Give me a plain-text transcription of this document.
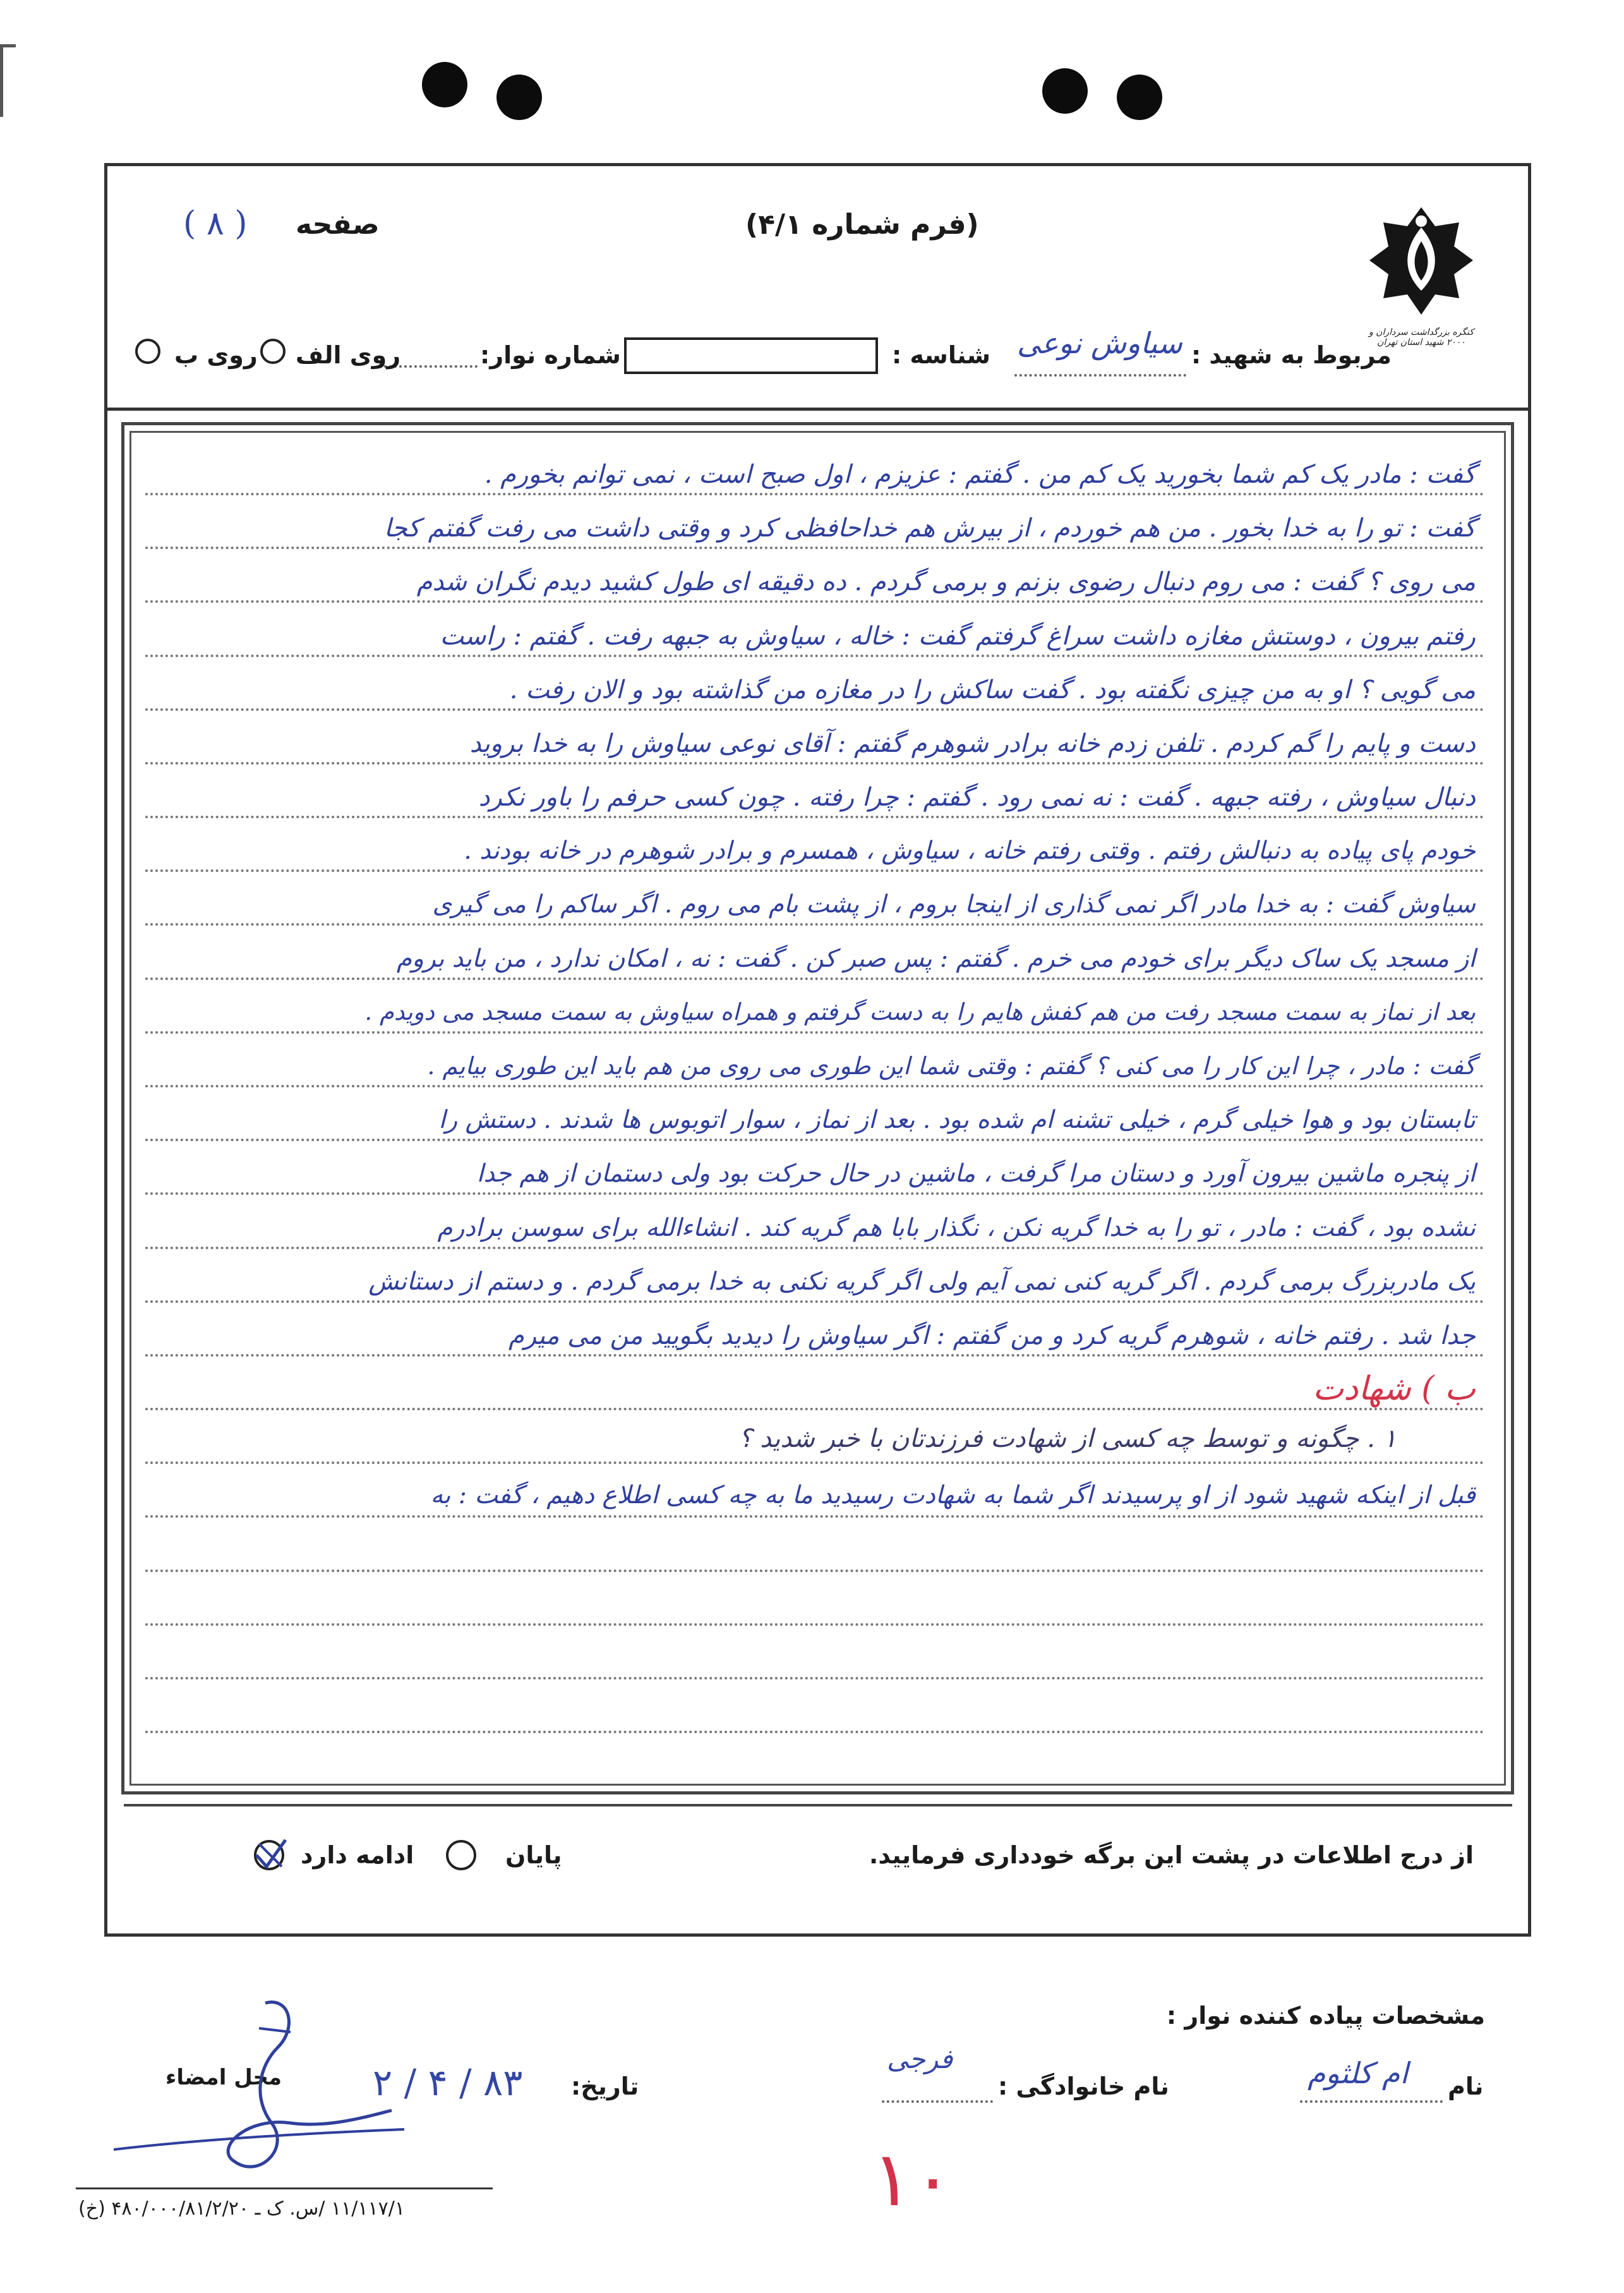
کنگره بزرگداشت سرداران و ۲۰۰۰ شهید استان تهران
(فرم شماره ۴/۱)
صفحه
( ۸ )
مربوط به شهید :
سیاوش نوعی
شناسه :
شماره نوار:
روی الف
روی ب
گفت : مادر یک کم شما بخورید یک کم من . گفتم : عزیزم ، اول صبح است ، نمی توانم بخورم .
گفت : تو را به خدا بخور . من هم خوردم ، از بیرش هم خداحافظی کرد و وقتی داشت می رفت گفتم کجا
می روی ؟ گفت : می روم دنبال رضوی بزنم و برمی گردم . ده دقیقه ای طول کشید دیدم نگران شدم
رفتم بیرون ، دوستش مغازه داشت سراغ گرفتم گفت : خاله ، سیاوش به جبهه رفت . گفتم : راست
می گویی ؟ او به من چیزی نگفته بود . گفت ساکش را در مغازه من گذاشته بود و الان رفت .
دست و پایم را گم کردم . تلفن زدم خانه برادر شوهرم گفتم : آقای نوعی سیاوش را به خدا بروید
دنبال سیاوش ، رفته جبهه . گفت : نه نمی رود . گفتم : چرا رفته . چون کسی حرفم را باور نکرد
خودم پای پیاده به دنبالش رفتم . وقتی رفتم خانه ، سیاوش ، همسرم و برادر شوهرم در خانه بودند .
سیاوش گفت : به خدا مادر اگر نمی گذاری از اینجا بروم ، از پشت بام می روم . اگر ساکم را می گیری
از مسجد یک ساک دیگر برای خودم می خرم . گفتم : پس صبر کن . گفت : نه ، امکان ندارد ، من باید بروم
بعد از نماز به سمت مسجد رفت من هم کفش هایم را به دست گرفتم و همراه سیاوش به سمت مسجد می دویدم .
گفت : مادر ، چرا این کار را می کنی ؟ گفتم : وقتی شما این طوری می روی من هم باید این طوری بیایم .
تابستان بود و هوا خیلی گرم ، خیلی تشنه ام شده بود . بعد از نماز ، سوار اتوبوس ها شدند . دستش را
از پنجره ماشین بیرون آورد و دستان مرا گرفت ، ماشین در حال حرکت بود ولی دستمان از هم جدا
نشده بود ، گفت : مادر ، تو را به خدا گریه نکن ، نگذار بابا هم گریه کند . انشاءالله برای سوسن برادرم
یک مادربزرگ برمی گردم . اگر گریه کنی نمی آیم ولی اگر گریه نکنی به خدا برمی گردم . و دستم از دستانش
جدا شد . رفتم خانه ، شوهرم گریه کرد و من گفتم : اگر سیاوش را دیدید بگویید من می میرم
ب ) شهادت
۱ . چگونه و توسط چه کسی از شهادت فرزندتان با خبر شدید ؟
قبل از اینکه شهید شود از او پرسیدند اگر شما به شهادت رسیدید ما به چه کسی اطلاع دهیم ، گفت : به
از درج اطلاعات در پشت این برگه خودداری فرمایید.
پایان
ادامه دارد
مشخصات پیاده کننده نوار :
نام
ام کلثوم
نام خانوادگی :
فرجی
تاریخ:
۸۳ / ۴ / ۲
محل امضاء
۱۰
۱۱/۱۱۷/۱ /س. ک ـ ۴۸۰/۰۰۰/۸۱/۲/۲۰ (خ)
